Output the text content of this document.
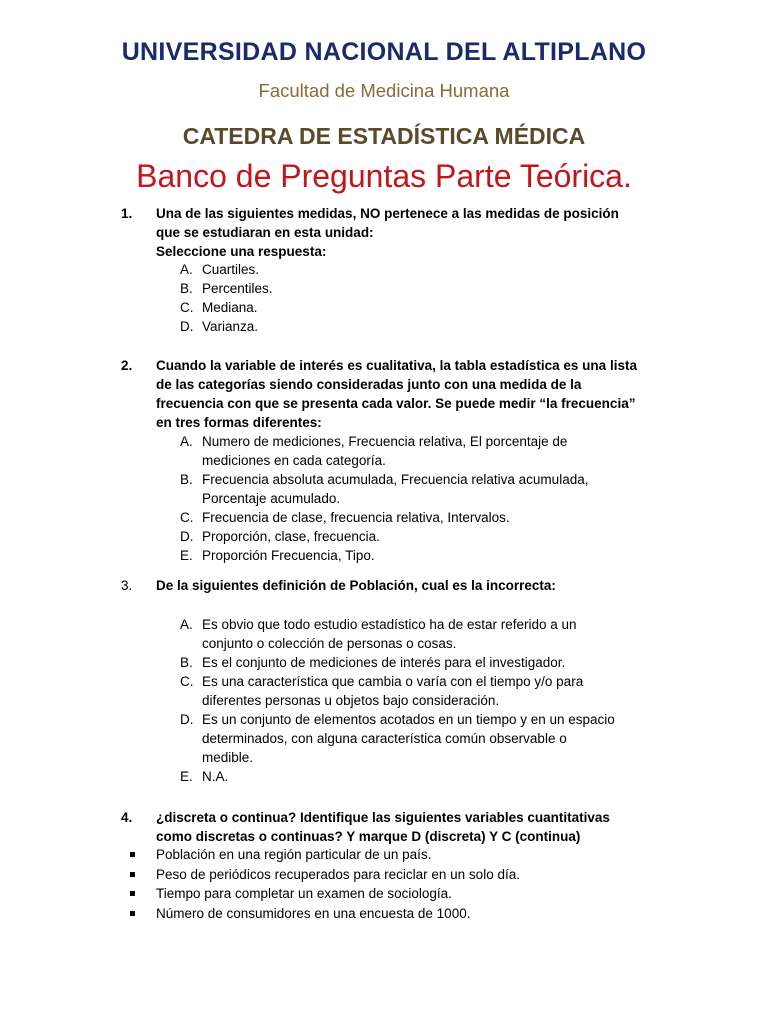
UNIVERSIDAD NACIONAL DEL ALTIPLANO
Facultad de Medicina Humana
CATEDRA DE ESTADÍSTICA MÉDICA
Banco de Preguntas Parte Teórica.
1.	Una de las siguientes medidas, NO pertenece a las medidas de posición
que se estudiaran en esta unidad:
Seleccione una respuesta:
A. Cuartiles.
B. Percentiles.
C. Mediana.
D. Varianza.
2.	Cuando la variable de interés es cualitativa, la tabla estadística es una lista
de las categorías siendo consideradas junto con una medida de la
frecuencia con que se presenta cada valor. Se puede medir “la frecuencia”
en tres formas diferentes:
A. Numero de mediciones, Frecuencia relativa, El porcentaje de
mediciones en cada categoría.
B. Frecuencia absoluta acumulada, Frecuencia relativa acumulada,
Porcentaje acumulado.
C. Frecuencia de clase, frecuencia relativa, Intervalos.
D. Proporción, clase, frecuencia.
E. Proporción Frecuencia, Tipo.
3.	De la siguientes definición de Población, cual es la incorrecta:
A. Es obvio que todo estudio estadístico ha de estar referido a un
conjunto o colección de personas o cosas.
B. Es el conjunto de mediciones de interés para el investigador.
C. Es una característica que cambia o varía con el tiempo y/o para
diferentes personas u objetos bajo consideración.
D. Es un conjunto de elementos acotados en un tiempo y en un espacio
determinados, con alguna característica común observable o
medible.
E. N.A.
4.	¿discreta o continua? Identifique las siguientes variables cuantitativas
como discretas o continuas? Y marque D (discreta) Y C (continua)
Población en una región particular de un país.
Peso de periódicos recuperados para reciclar en un solo día.
Tiempo para completar un examen de sociología.
Número de consumidores en una encuesta de 1000.
